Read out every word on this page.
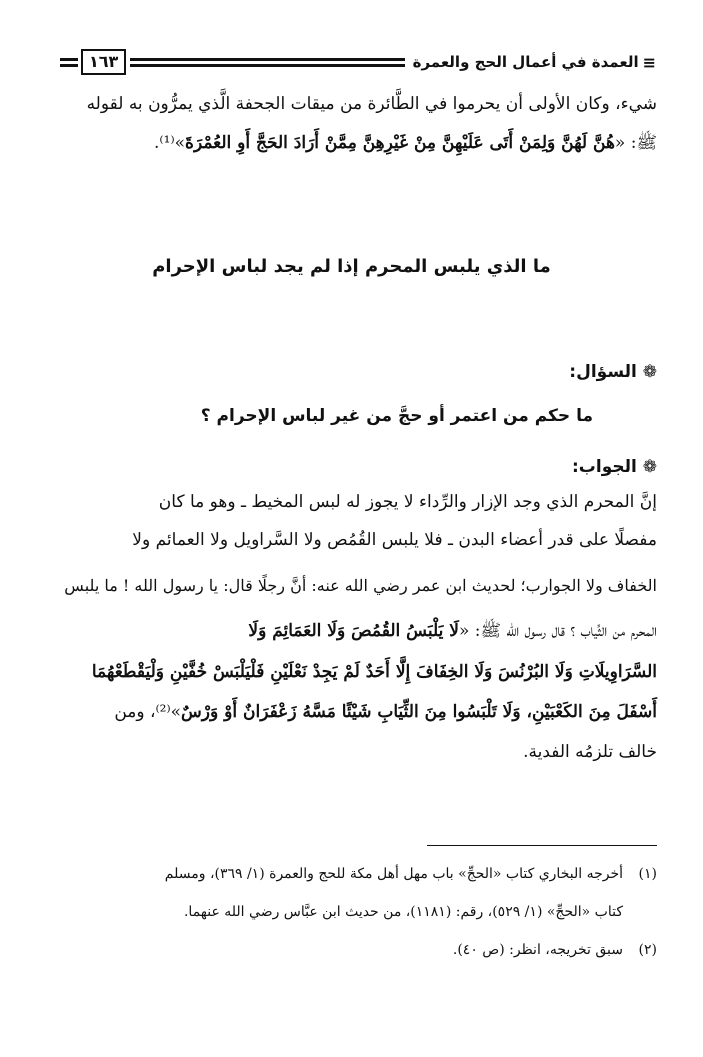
١٦٣	العمدة في أعمال الحج والعمرة ≡
شيء، وكان الأولى أن يحرموا في الطَّائرة من ميقات الجحفة الَّذي يمرُّون به لقوله
ﷺ: «هُنَّ لَهُنَّ وَلِمَنْ أَتَى عَلَيْهِنَّ مِنْ غَيْرِهِنَّ مِمَّنْ أَرَادَ الحَجَّ أَوِ العُمْرَةَ»⁽¹⁾.
ما الذي يلبس المحرم إذا لم يجد لباس الإحرام
❁ السؤال:
ما حكم من اعتمر أو حجَّ من غير لباس الإحرام ؟
❁ الجواب:
إنَّ المحرم الذي وجد الإزار والرِّداء لا يجوز له لبس المخيط ـ وهو ما كان
مفصلًا على قدر أعضاء البدن ـ فلا يلبس القُمُص ولا السَّراويل ولا العمائم ولا
الخفاف ولا الجوارب؛ لحديث ابن عمر رضي الله عنه: أنَّ رجلًا قال: يا رسول الله ! ما يلبس
المحرم من الثِّياب ؟ قال رسول الله ﷺ: «لَا يَلْبَسُ القُمُصَ وَلَا العَمَائِمَ وَلَا
السَّرَاوِيلَاتِ وَلَا البُرْنُسَ وَلَا الخِفَافَ إِلَّا أَحَدٌ لَمْ يَجِدْ نَعْلَيْنِ فَلْيَلْبَسْ خُفَّيْنِ وَلْيَقْطَعْهُمَا
أَسْفَلَ مِنَ الكَعْبَيْنِ، وَلَا تَلْبَسُوا مِنَ الثِّيَابِ شَيْئًا مَسَّهُ زَعْفَرَانٌ أَوْ وَرْسٌ»⁽²⁾، ومن
خالف تلزمُه الفدية.
(١)أخرجه البخاري كتاب «الحجِّ» باب مهل أهل مكة للحج والعمرة (١/ ٣٦٩)، ومسلم
كتاب «الحجِّ» (١/ ٥٢٩)، رقم: (١١٨١)، من حديث ابن عبَّاس رضي الله عنهما.
(٢)سبق تخريجه، انظر: (ص ٤٠).
